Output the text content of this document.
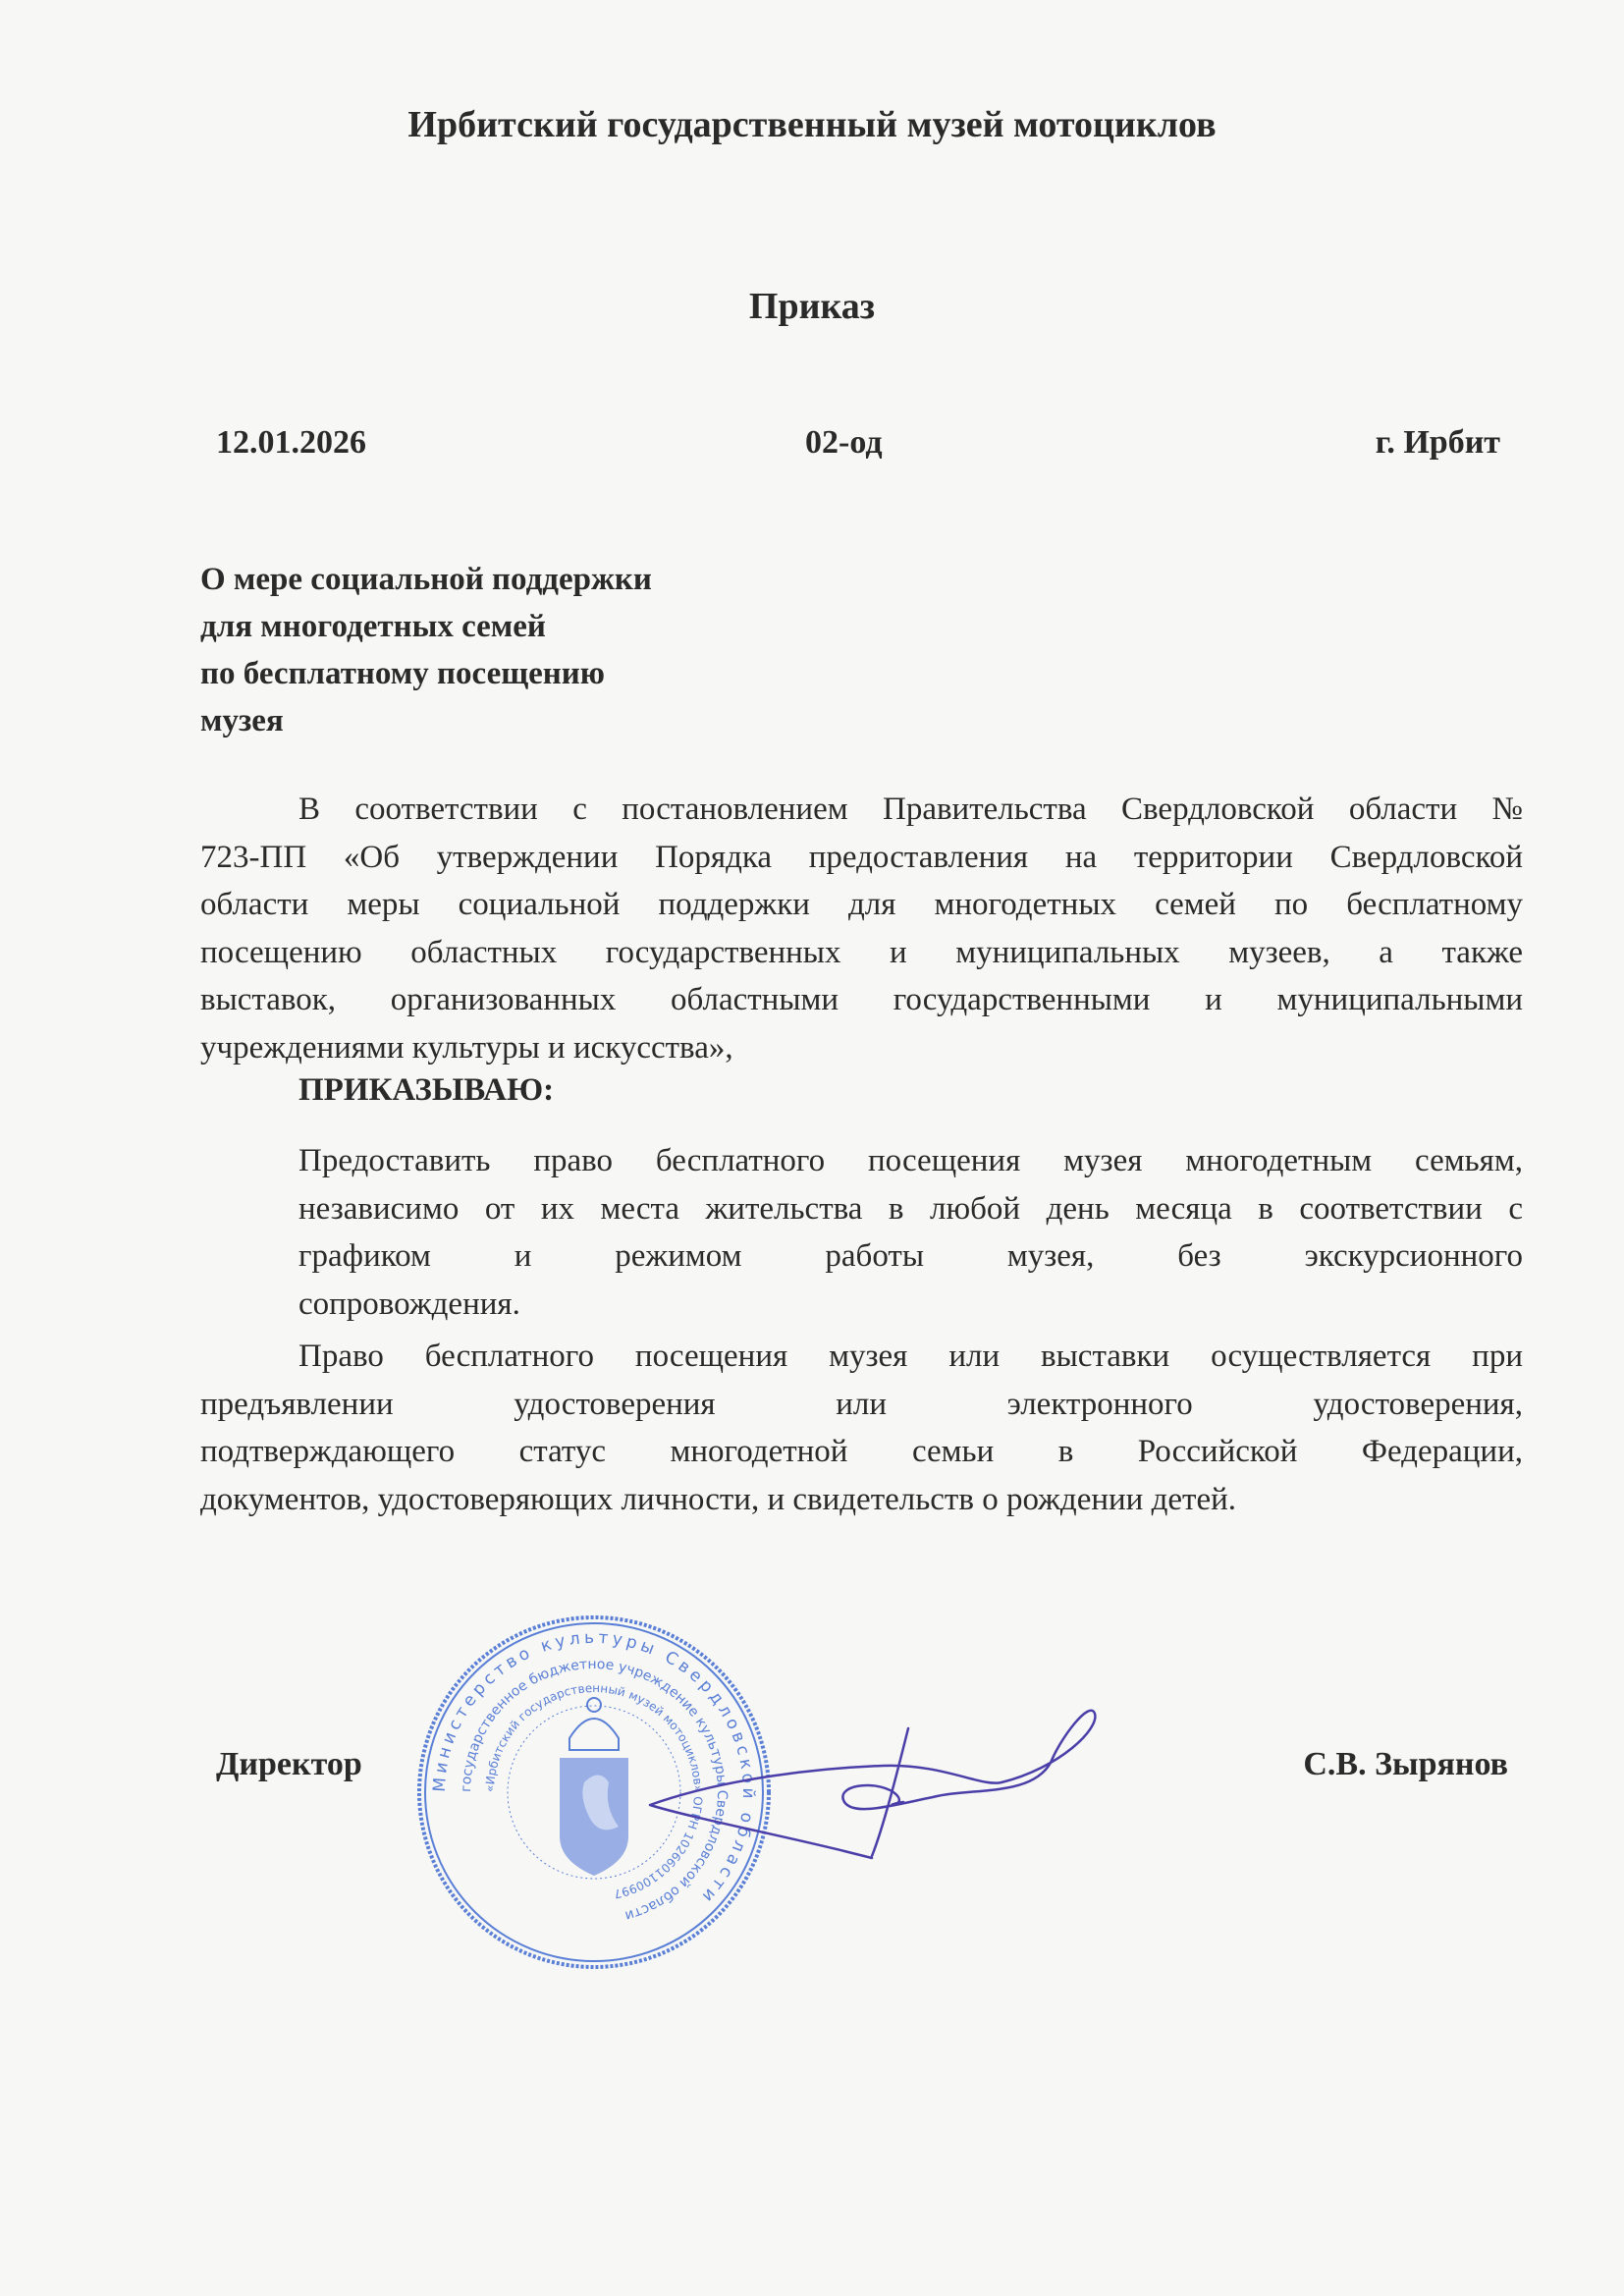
Ирбитский государственный музей мотоциклов
Приказ
12.01.2026	02-од	г. Ирбит
О мере социальной поддержки
для многодетных семей
по бесплатному посещению
музея
В соответствии с постановлением Правительства Свердловской области №
723-ПП «Об утверждении Порядка предоставления на территории Свердловской
области меры социальной поддержки для многодетных семей по бесплатному
посещению областных государственных и муниципальных музеев, а также
выставок, организованных областными государственными и муниципальными
учреждениями культуры и искусства»,
ПРИКАЗЫВАЮ:
Предоставить право бесплатного посещения музея многодетным семьям,
независимо от их места жительства в любой день месяца в соответствии с
графиком и режимом работы музея, без экскурсионного
сопровождения.
Право бесплатного посещения музея или выставки осуществляется при
предъявлении удостоверения или электронного удостоверения,
подтверждающего статус многодетной семьи в Российской Федерации,
документов, удостоверяющих личности, и свидетельств о рождении детей.
Министерство культуры Свердловской области
государственное бюджетное учреждение культуры Свердловской области
«Ирбитский государственный музей мотоциклов» ОГРН 1026601100997
Директор	С.В. Зырянов
